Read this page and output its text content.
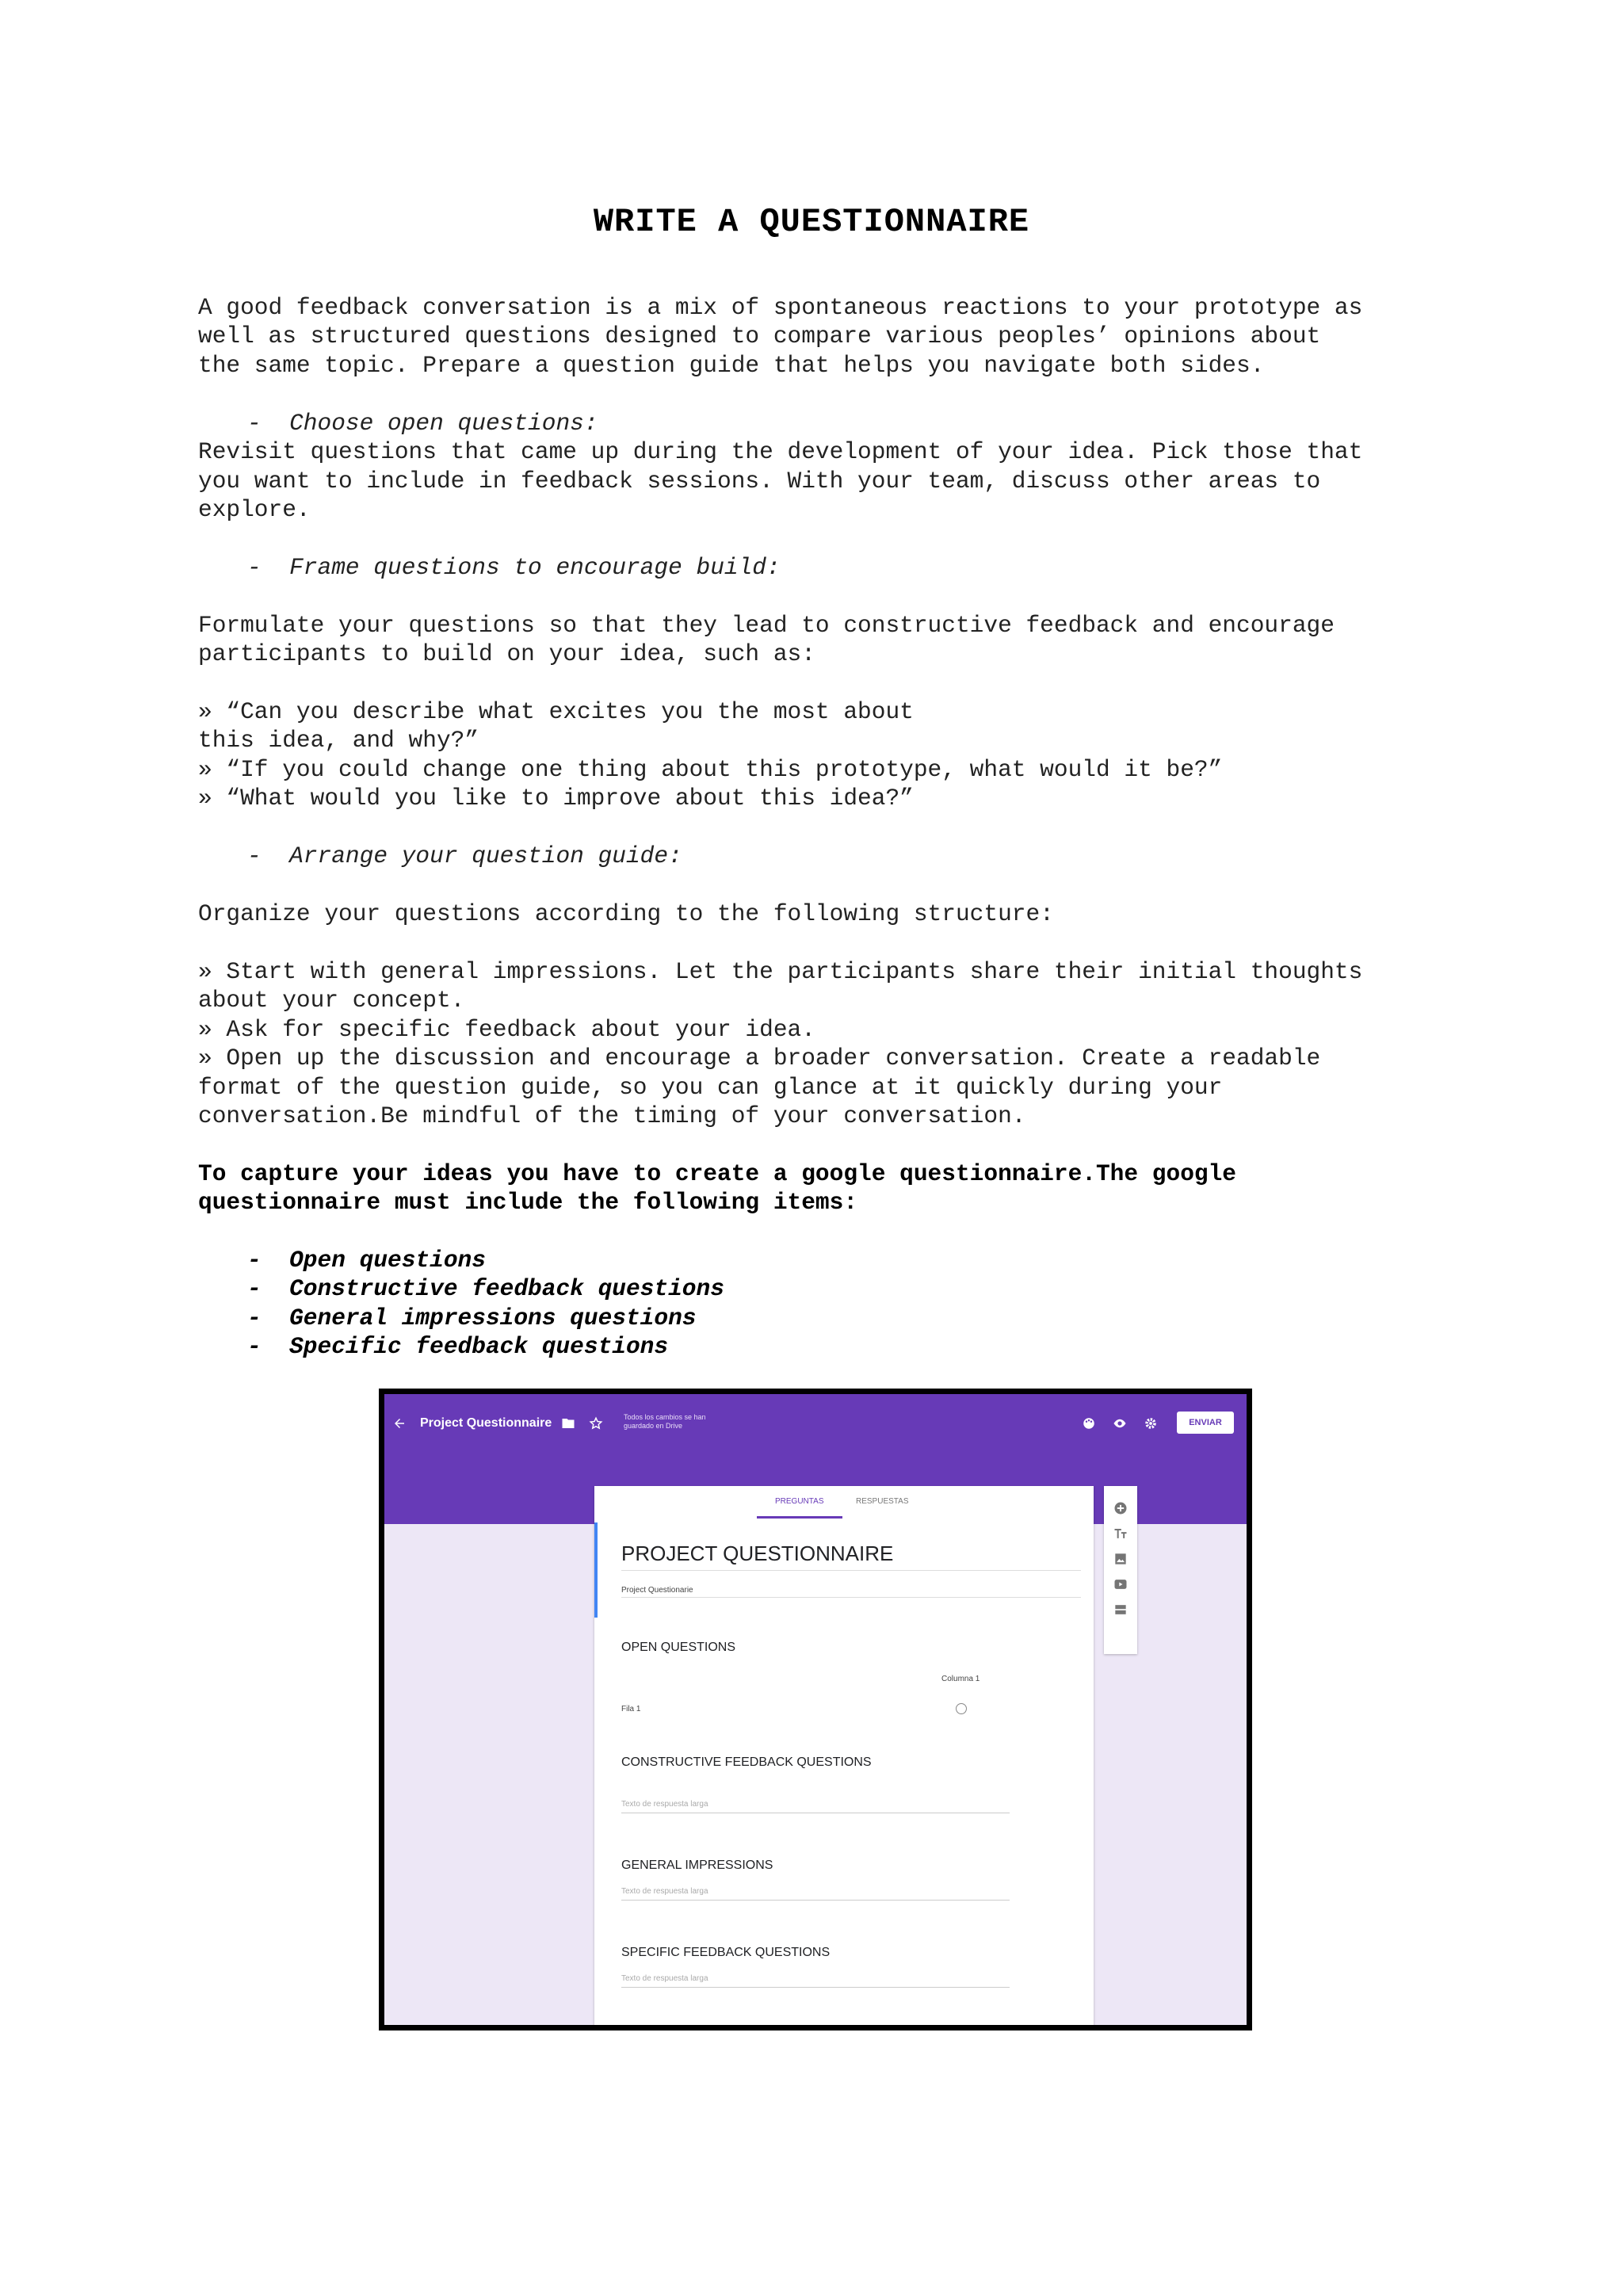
WRITE A QUESTIONNAIRE
A good feedback conversation is a mix of spontaneous reactions to your prototype as
well as structured questions designed to compare various peoples’ opinions about
the same topic. Prepare a question guide that helps you navigate both sides.
-  Choose open questions:
Revisit questions that came up during the development of your idea. Pick those that
you want to include in feedback sessions. With your team, discuss other areas to
explore.
-  Frame questions to encourage build:
Formulate your questions so that they lead to constructive feedback and encourage
participants to build on your idea, such as:
» “Can you describe what excites you the most about
this idea, and why?”
» “If you could change one thing about this prototype, what would it be?”
» “What would you like to improve about this idea?”
-  Arrange your question guide:
Organize your questions according to the following structure:
» Start with general impressions. Let the participants share their initial thoughts
about your concept.
» Ask for specific feedback about your idea.
» Open up the discussion and encourage a broader conversation. Create a readable
format of the question guide, so you can glance at it quickly during your
conversation.Be mindful of the timing of your conversation.
To capture your ideas you have to create a google questionnaire.The google
questionnaire must include the following items:
-  Open questions
-  Constructive feedback questions
-  General impressions questions
-  Specific feedback questions
Project Questionnaire	Todos los cambios se han guardado en Drive	ENVIAR
PREGUNTAS	RESPUESTAS
PROJECT QUESTIONNAIRE
Project Questionarie
OPEN QUESTIONS
Columna 1
Fila 1
CONSTRUCTIVE FEEDBACK QUESTIONS
Texto de respuesta larga
GENERAL IMPRESSIONS
Texto de respuesta larga
SPECIFIC FEEDBACK QUESTIONS
Texto de respuesta larga
